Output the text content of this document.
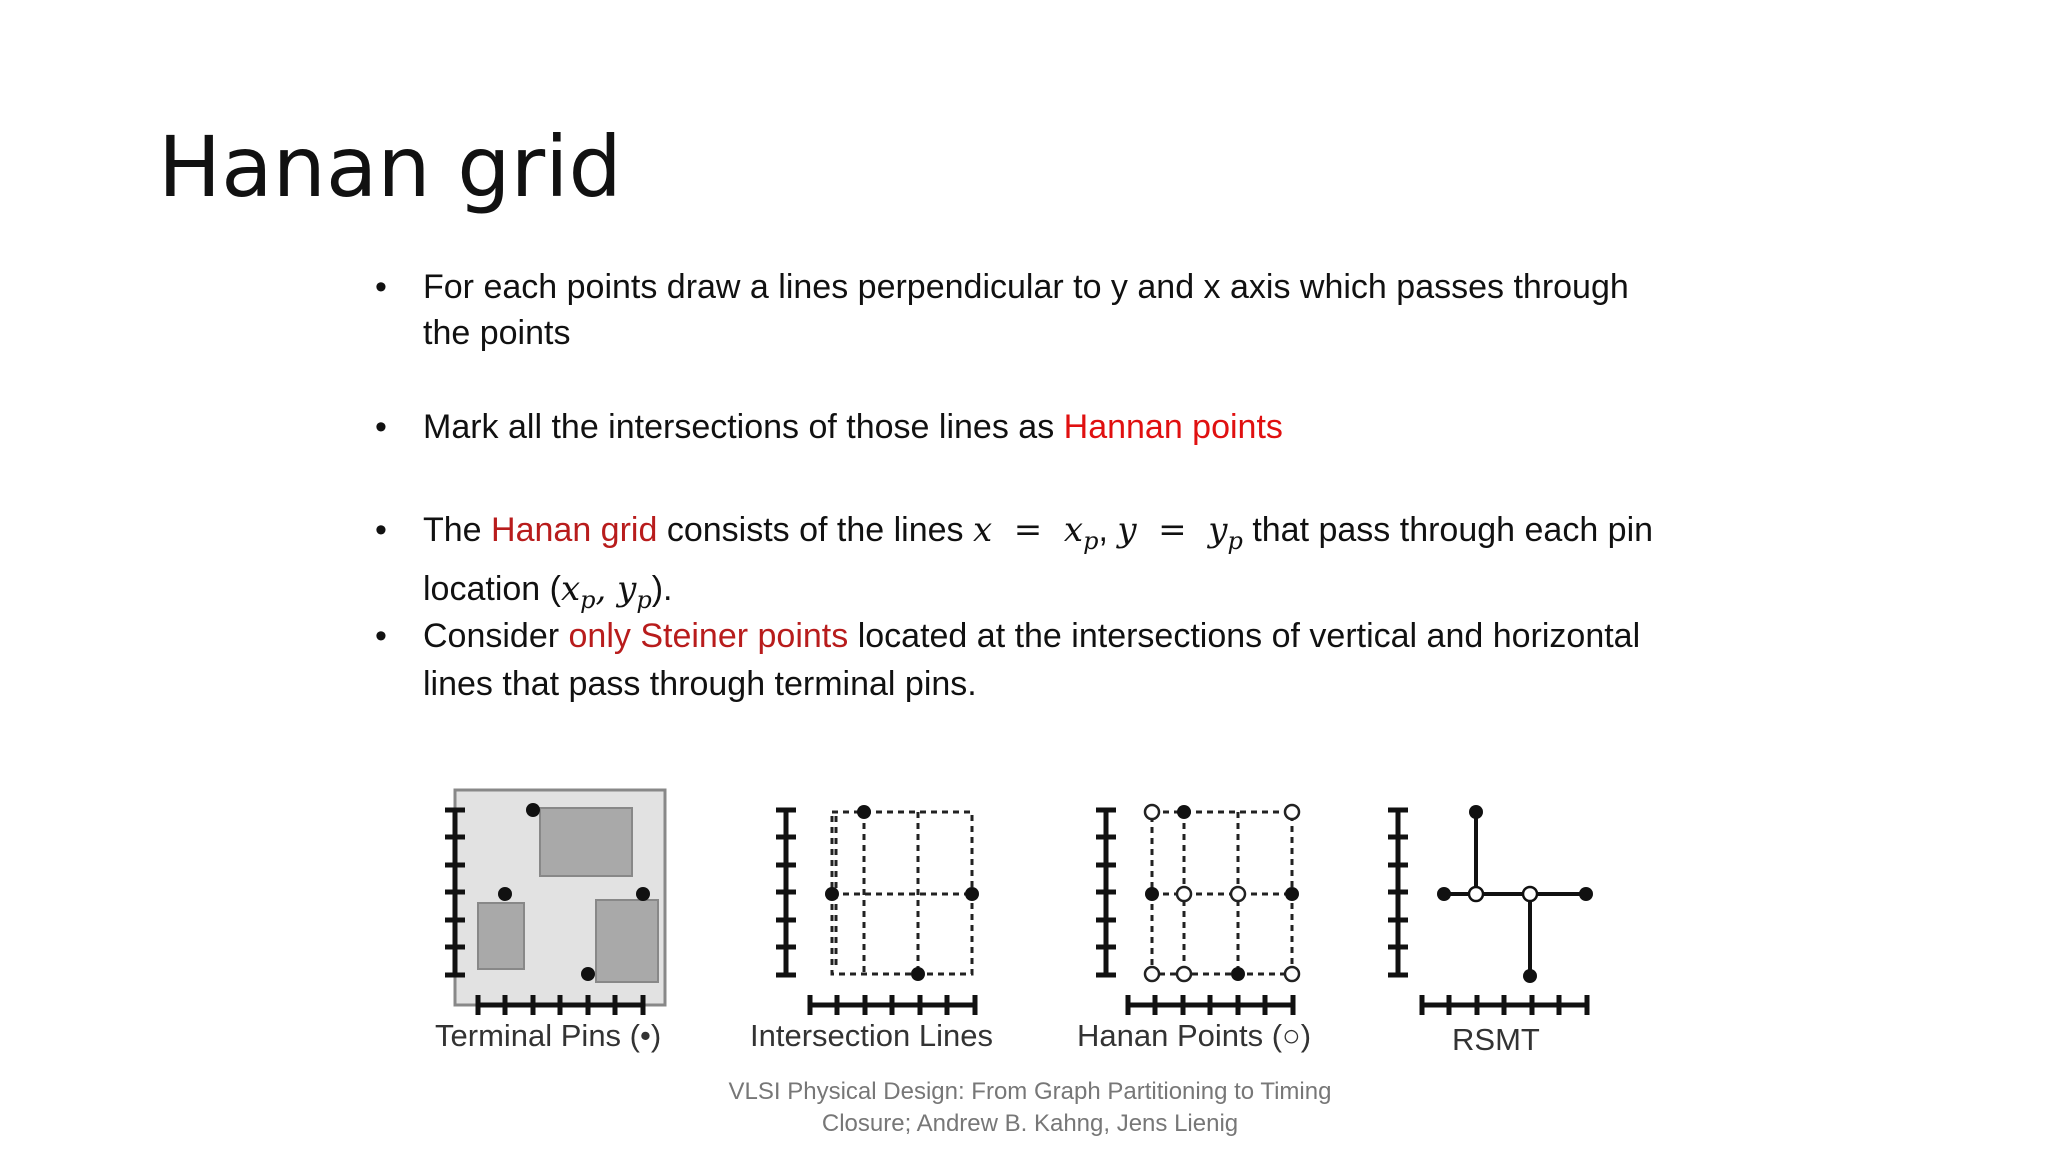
Hanan grid
• For each points draw a lines perpendicular to y and x axis which passes through
the points
• Mark all the intersections of those lines as Hannan points
• The Hanan grid consists of the lines $x = x_p$, $y = y_p$ that pass through each pin
location ($x_p$, $y_p$).
• Consider only Steiner points located at the intersections of vertical and horizontal
lines that pass through terminal pins.
Terminal Pins (•)	Intersection Lines	Hanan Points (○)	RSMT
VLSI Physical Design: From Graph Partitioning to Timing
Closure; Andrew B. Kahng, Jens Lienig
